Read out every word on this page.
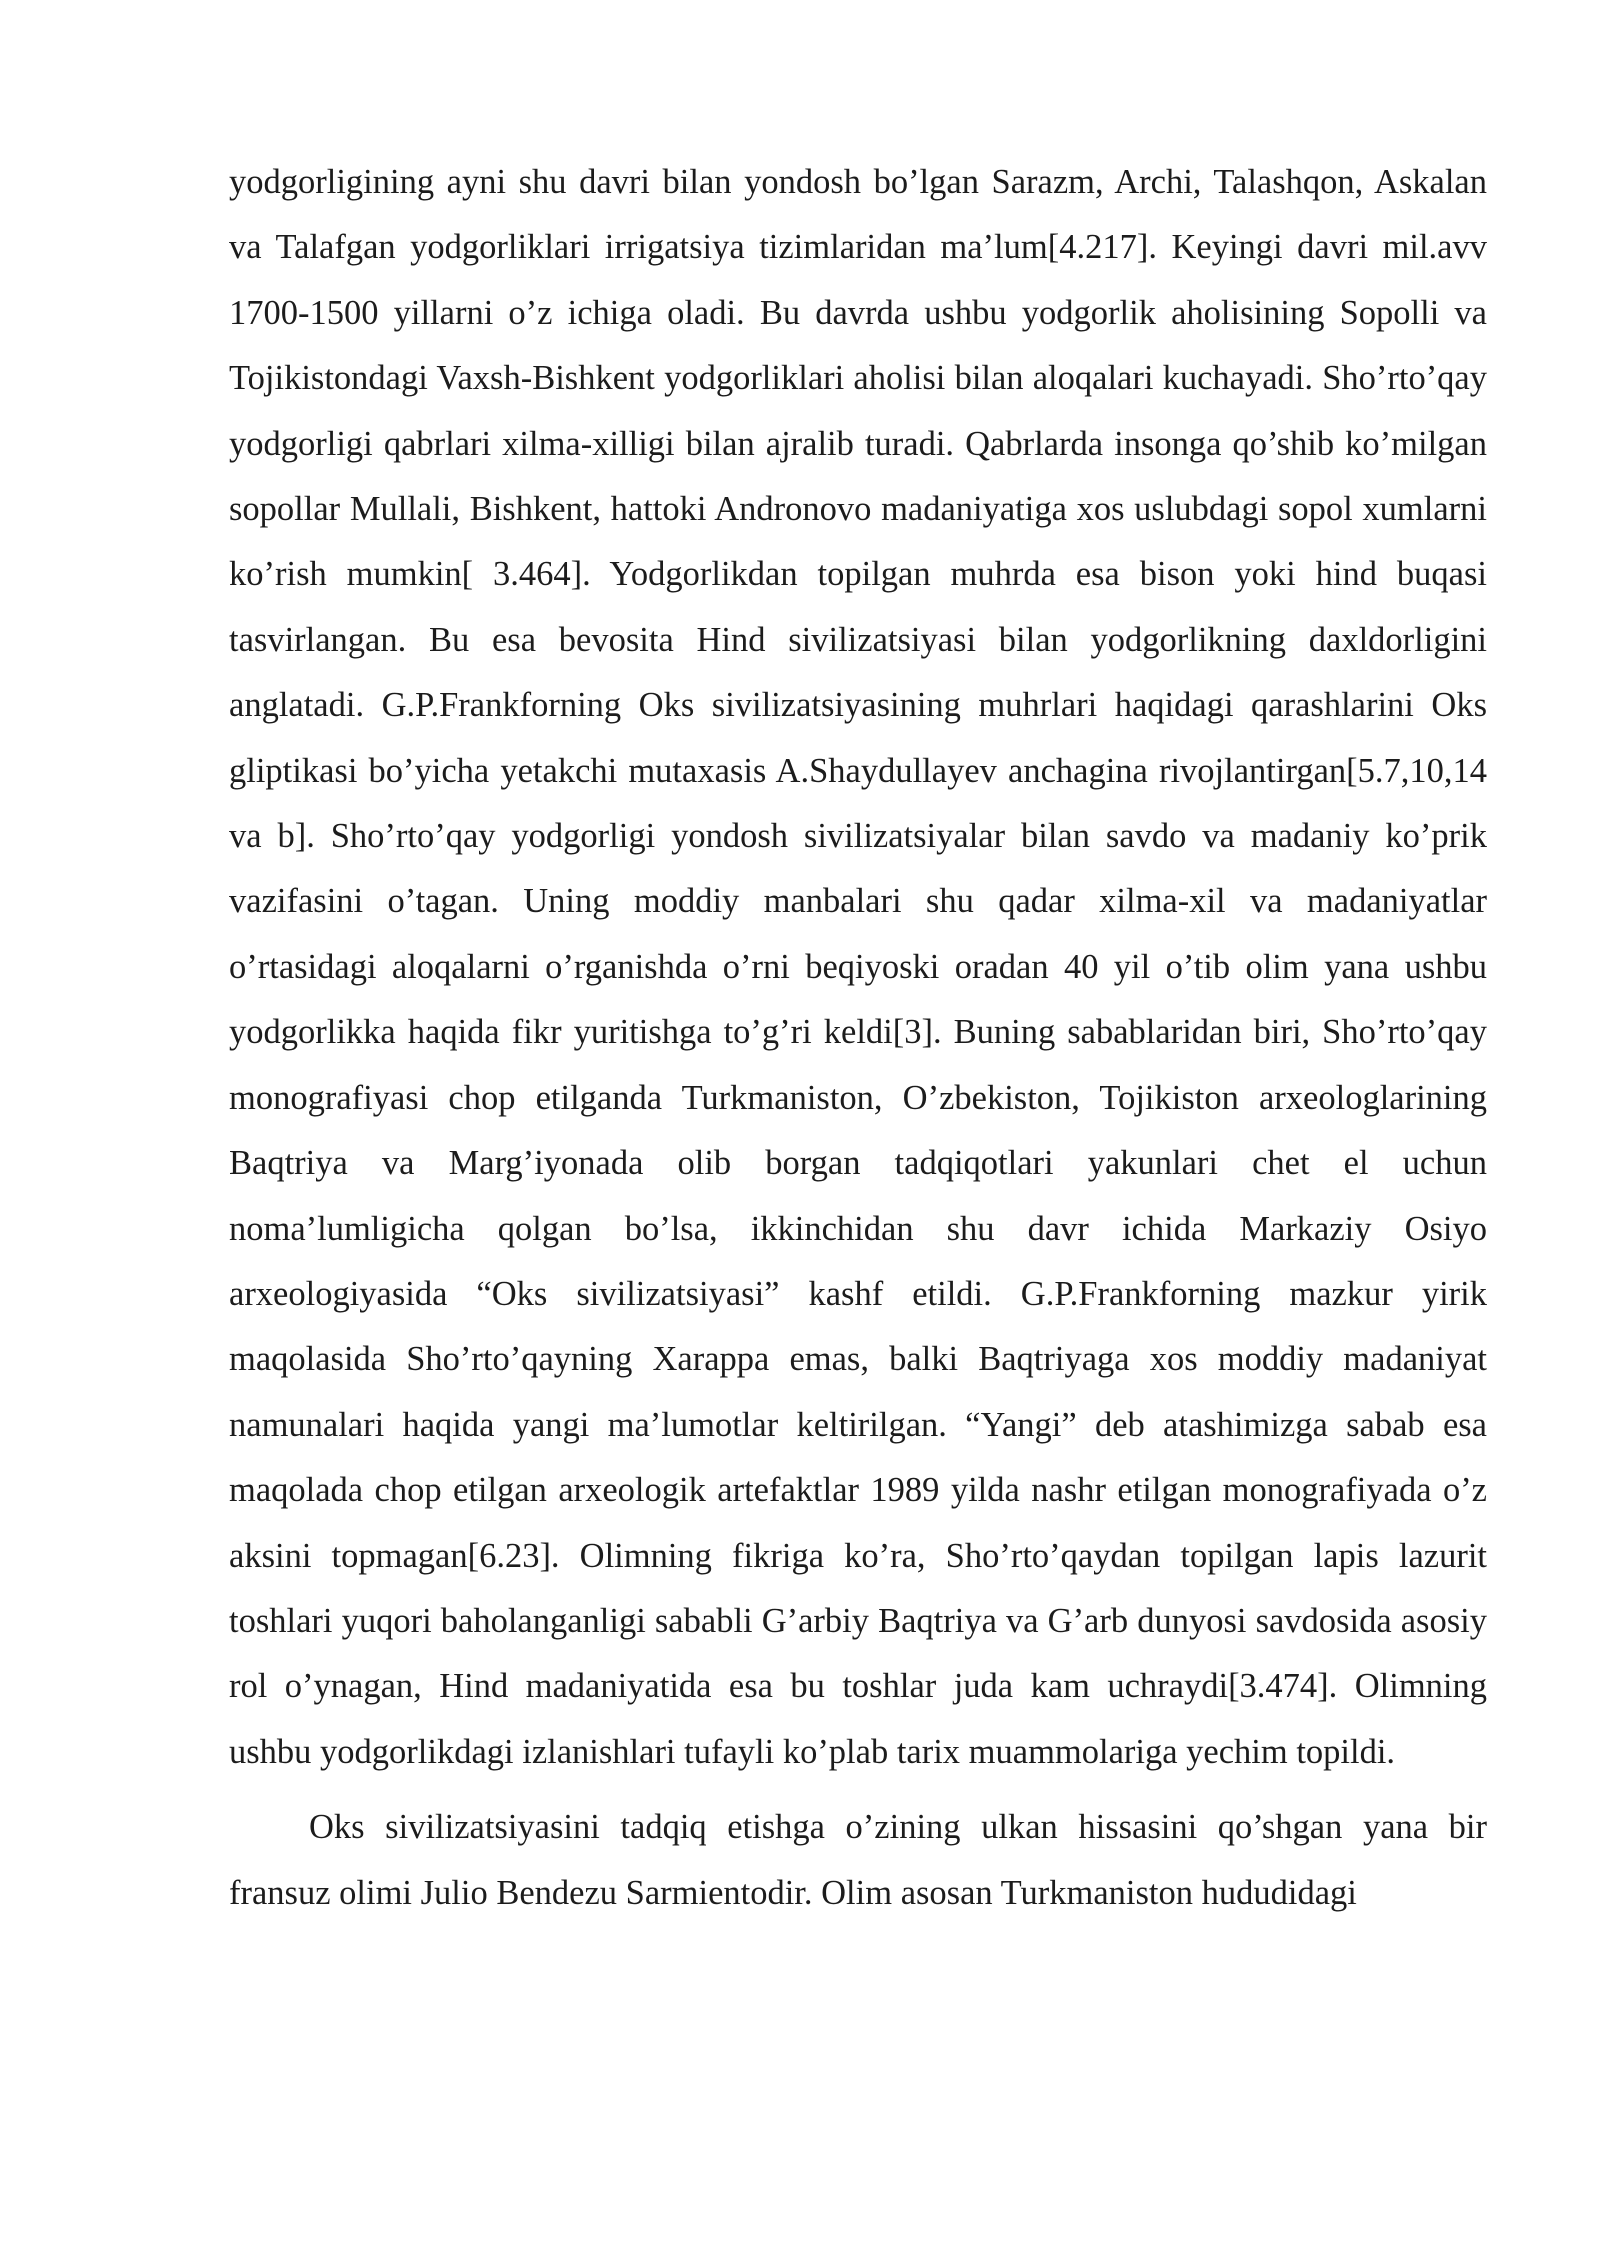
yodgorligining ayni shu davri bilan yondosh bo’lgan Sarazm, Archi, Talashqon, Askalan va Talafgan yodgorliklari irrigatsiya tizimlaridan ma’lum[4.217]. Keyingi davri mil.avv 1700-1500 yillarni o’z ichiga oladi. Bu davrda ushbu yodgorlik aholisining Sopolli va Tojikistondagi Vaxsh-Bishkent yodgorliklari aholisi bilan aloqalari kuchayadi. Sho’rto’qay yodgorligi qabrlari xilma-xilligi bilan ajralib turadi. Qabrlarda insonga qo’shib ko’milgan sopollar Mullali, Bishkent, hattoki Andronovo madaniyatiga xos uslubdagi sopol xumlarni ko’rish mumkin[ 3.464]. Yodgorlikdan topilgan muhrda esa bison yoki hind buqasi tasvirlangan. Bu esa bevosita Hind sivilizatsiyasi bilan yodgorlikning daxldorligini anglatadi. G.P.Frankforning Oks sivilizatsiyasining muhrlari haqidagi qarashlarini Oks gliptikasi bo’yicha yetakchi mutaxasis A.Shaydullayev anchagina rivojlantirgan[5.7,10,14 va b]. Sho’rto’qay yodgorligi yondosh sivilizatsiyalar bilan savdo va madaniy ko’prik vazifasini o’tagan. Uning moddiy manbalari shu qadar xilma-xil va madaniyatlar o’rtasidagi aloqalarni o’rganishda o’rni beqiyoski oradan 40 yil o’tib olim yana ushbu yodgorlikka haqida fikr yuritishga to’g’ri keldi[3]. Buning sabablaridan biri, Sho’rto’qay monografiyasi chop etilganda Turkmaniston, O’zbekiston, Tojikiston arxeologlarining Baqtriya va Marg’iyonada olib borgan tadqiqotlari yakunlari chet el uchun noma’lumligicha qolgan bo’lsa, ikkinchidan shu davr ichida Markaziy Osiyo arxeologiyasida “Oks sivilizatsiyasi” kashf etildi. G.P.Frankforning mazkur yirik maqolasida Sho’rto’qayning Xarappa emas, balki Baqtriyaga xos moddiy madaniyat namunalari haqida yangi ma’lumotlar keltirilgan. “Yangi” deb atashimizga sabab esa maqolada chop etilgan arxeologik artefaktlar 1989 yilda nashr etilgan monografiyada o’z aksini topmagan[6.23]. Olimning fikriga ko’ra, Sho’rto’qaydan topilgan lapis lazurit toshlari yuqori baholanganligi sababli G’arbiy Baqtriya va G’arb dunyosi savdosida asosiy rol o’ynagan, Hind madaniyatida esa bu toshlar juda kam uchraydi[3.474]. Olimning ushbu yodgorlikdagi izlanishlari tufayli ko’plab tarix muammolariga yechim topildi.

Oks sivilizatsiyasini tadqiq etishga o’zining ulkan hissasini qo’shgan yana bir fransuz olimi Julio Bendezu Sarmientodir. Olim asosan Turkmaniston hududidagi
